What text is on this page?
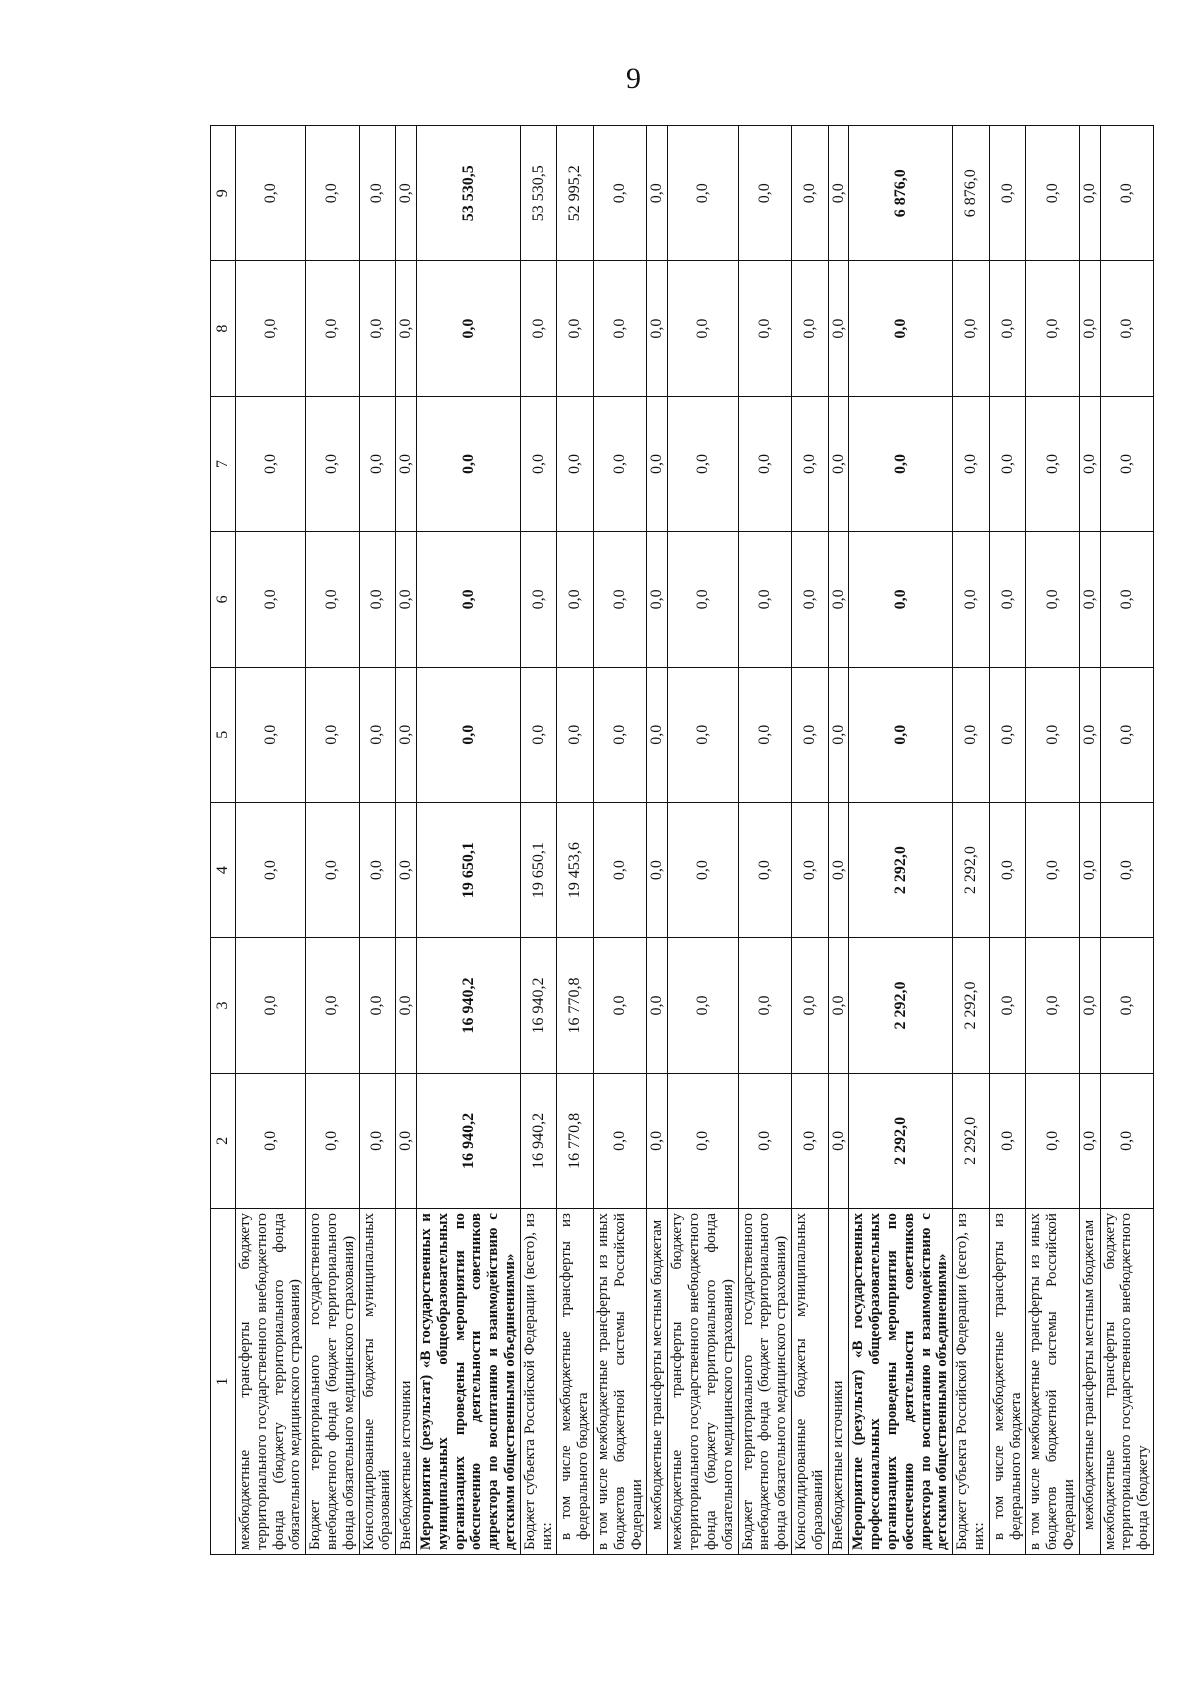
9
1	2	3	4	5	6	7	8	9
межбюджетные трансферты бюджету территориального государственного внебюджетного фонда (бюджету территориального фонда обязательного медицинского страхования)	0,0	0,0	0,0	0,0	0,0	0,0	0,0	0,0
Бюджет территориального государственного внебюджетного фонда (бюджет территориального фонда обязательного медицинского страхования)	0,0	0,0	0,0	0,0	0,0	0,0	0,0	0,0
Консолидированные бюджеты муниципальных образований	0,0	0,0	0,0	0,0	0,0	0,0	0,0	0,0
Внебюджетные источники	0,0	0,0	0,0	0,0	0,0	0,0	0,0	0,0
Мероприятие (результат) «В государственных и муниципальных общеобразовательных организациях проведены мероприятия по обеспечению деятельности советников директора по воспитанию и взаимодействию с детскими общественными объединениями»	16 940,2	16 940,2	19 650,1	0,0	0,0	0,0	0,0	53 530,5
Бюджет субъекта Российской Федерации (всего), из них:	16 940,2	16 940,2	19 650,1	0,0	0,0	0,0	0,0	53 530,5
в том числе межбюджетные трансферты из федерального бюджета	16 770,8	16 770,8	19 453,6	0,0	0,0	0,0	0,0	52 995,2
в том числе межбюджетные трансферты из иных бюджетов бюджетной системы Российской Федерации	0,0	0,0	0,0	0,0	0,0	0,0	0,0	0,0
межбюджетные трансферты местным бюджетам	0,0	0,0	0,0	0,0	0,0	0,0	0,0	0,0
межбюджетные трансферты бюджету территориального государственного внебюджетного фонда (бюджету территориального фонда обязательного медицинского страхования)	0,0	0,0	0,0	0,0	0,0	0,0	0,0	0,0
Бюджет территориального государственного внебюджетного фонда (бюджет территориального фонда обязательного медицинского страхования)	0,0	0,0	0,0	0,0	0,0	0,0	0,0	0,0
Консолидированные бюджеты муниципальных образований	0,0	0,0	0,0	0,0	0,0	0,0	0,0	0,0
Внебюджетные источники	0,0	0,0	0,0	0,0	0,0	0,0	0,0	0,0
Мероприятие (результат) «В государственных профессиональных общеобразовательных организациях проведены мероприятия по обеспечению деятельности советников директора по воспитанию и взаимодействию с детскими общественными объединениями»	2 292,0	2 292,0	2 292,0	0,0	0,0	0,0	0,0	6 876,0
Бюджет субъекта Российской Федерации (всего), из них:	2 292,0	2 292,0	2 292,0	0,0	0,0	0,0	0,0	6 876,0
в том числе межбюджетные трансферты из федерального бюджета	0,0	0,0	0,0	0,0	0,0	0,0	0,0	0,0
в том числе межбюджетные трансферты из иных бюджетов бюджетной системы Российской Федерации	0,0	0,0	0,0	0,0	0,0	0,0	0,0	0,0
межбюджетные трансферты местным бюджетам	0,0	0,0	0,0	0,0	0,0	0,0	0,0	0,0
межбюджетные трансферты бюджету территориального государственного внебюджетного фонда (бюджету	0,0	0,0	0,0	0,0	0,0	0,0	0,0	0,0
